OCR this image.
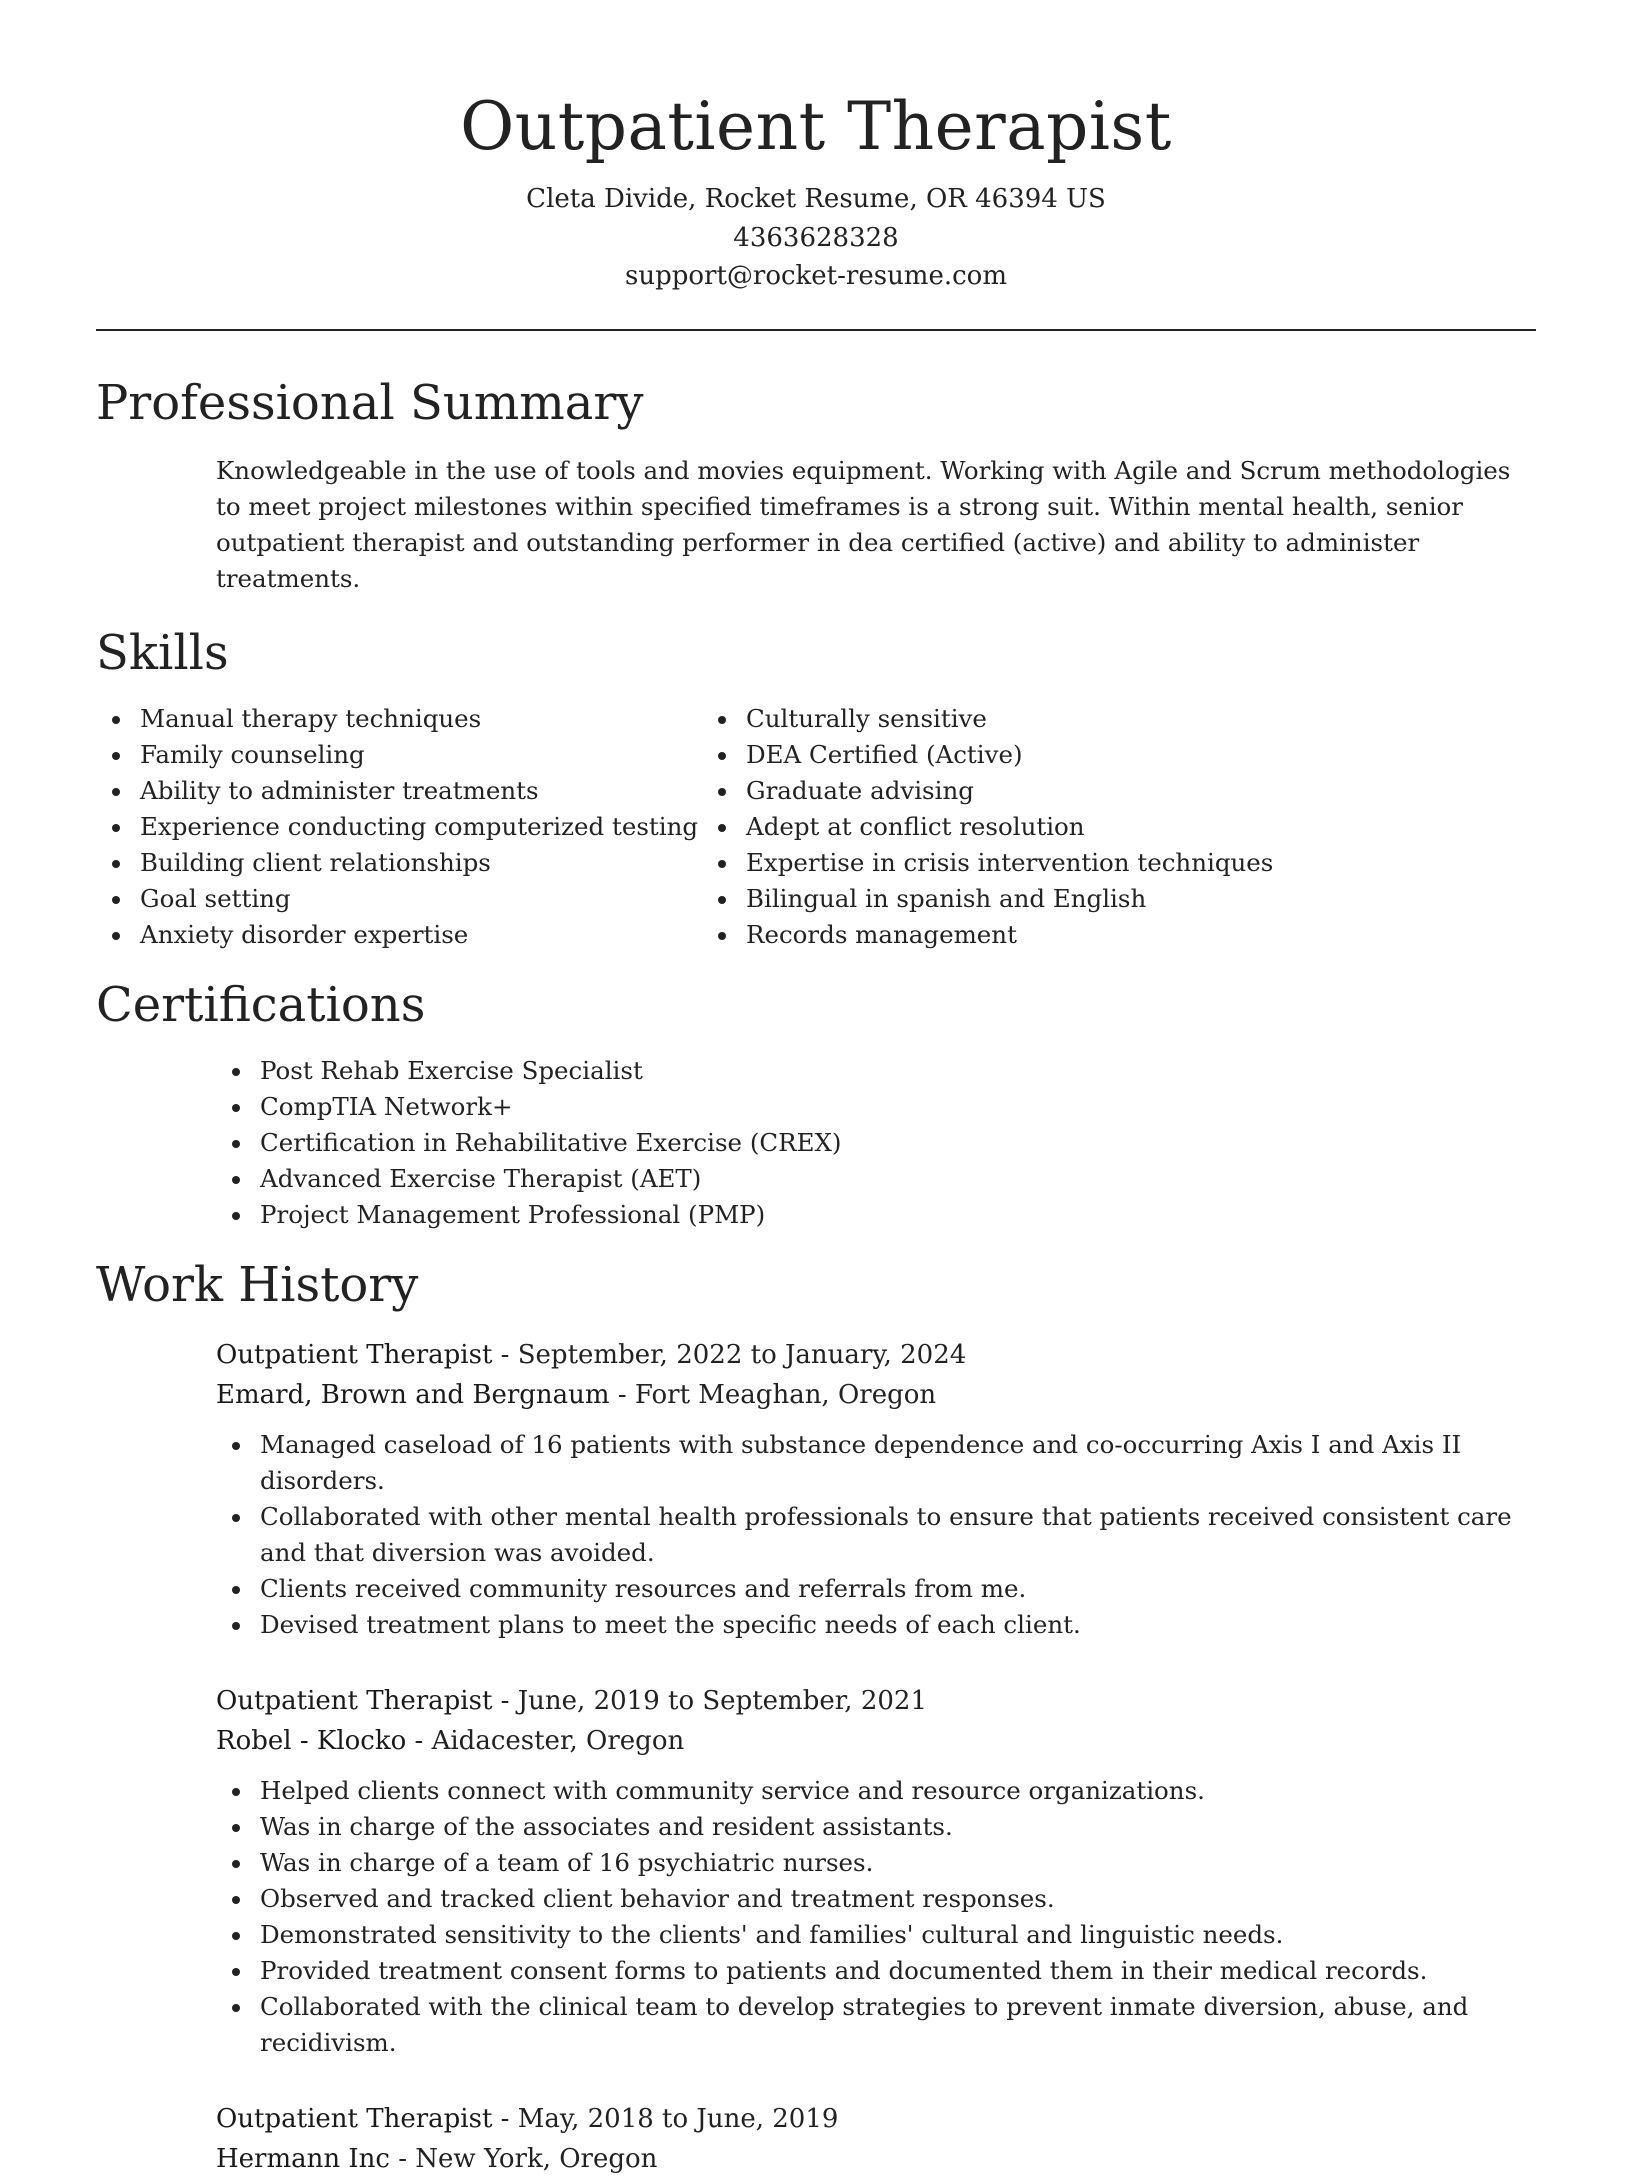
Outpatient Therapist
Cleta Divide, Rocket Resume, OR 46394 US
4363628328
support@rocket-resume.com
Professional Summary

Knowledgeable in the use of tools and movies equipment. Working with Agile and Scrum methodologies to meet project milestones within specified timeframes is a strong suit. Within mental health, senior outpatient therapist and outstanding performer in dea certified (active) and ability to administer treatments.

Skills
Manual therapy techniques
Family counseling
Ability to administer treatments
Experience conducting computerized testing
Building client relationships
Goal setting
Anxiety disorder expertise
Culturally sensitive
DEA Certified (Active)
Graduate advising
Adept at conflict resolution
Expertise in crisis intervention techniques
Bilingual in spanish and English
Records management
Certifications
Post Rehab Exercise Specialist
CompTIA Network+
Certification in Rehabilitative Exercise (CREX)
Advanced Exercise Therapist (AET)
Project Management Professional (PMP)
Work History
Outpatient Therapist - September, 2022 to January, 2024
Emard, Brown and Bergnaum - Fort Meaghan, Oregon
Managed caseload of 16 patients with substance dependence and co-occurring Axis I and Axis II disorders.
Collaborated with other mental health professionals to ensure that patients received consistent care and that diversion was avoided.
Clients received community resources and referrals from me.
Devised treatment plans to meet the specific needs of each client.
Outpatient Therapist - June, 2019 to September, 2021
Robel - Klocko - Aidacester, Oregon
Helped clients connect with community service and resource organizations.
Was in charge of the associates and resident assistants.
Was in charge of a team of 16 psychiatric nurses.
Observed and tracked client behavior and treatment responses.
Demonstrated sensitivity to the clients' and families' cultural and linguistic needs.
Provided treatment consent forms to patients and documented them in their medical records.
Collaborated with the clinical team to develop strategies to prevent inmate diversion, abuse, and recidivism.
Outpatient Therapist - May, 2018 to June, 2019
Hermann Inc - New York, Oregon
